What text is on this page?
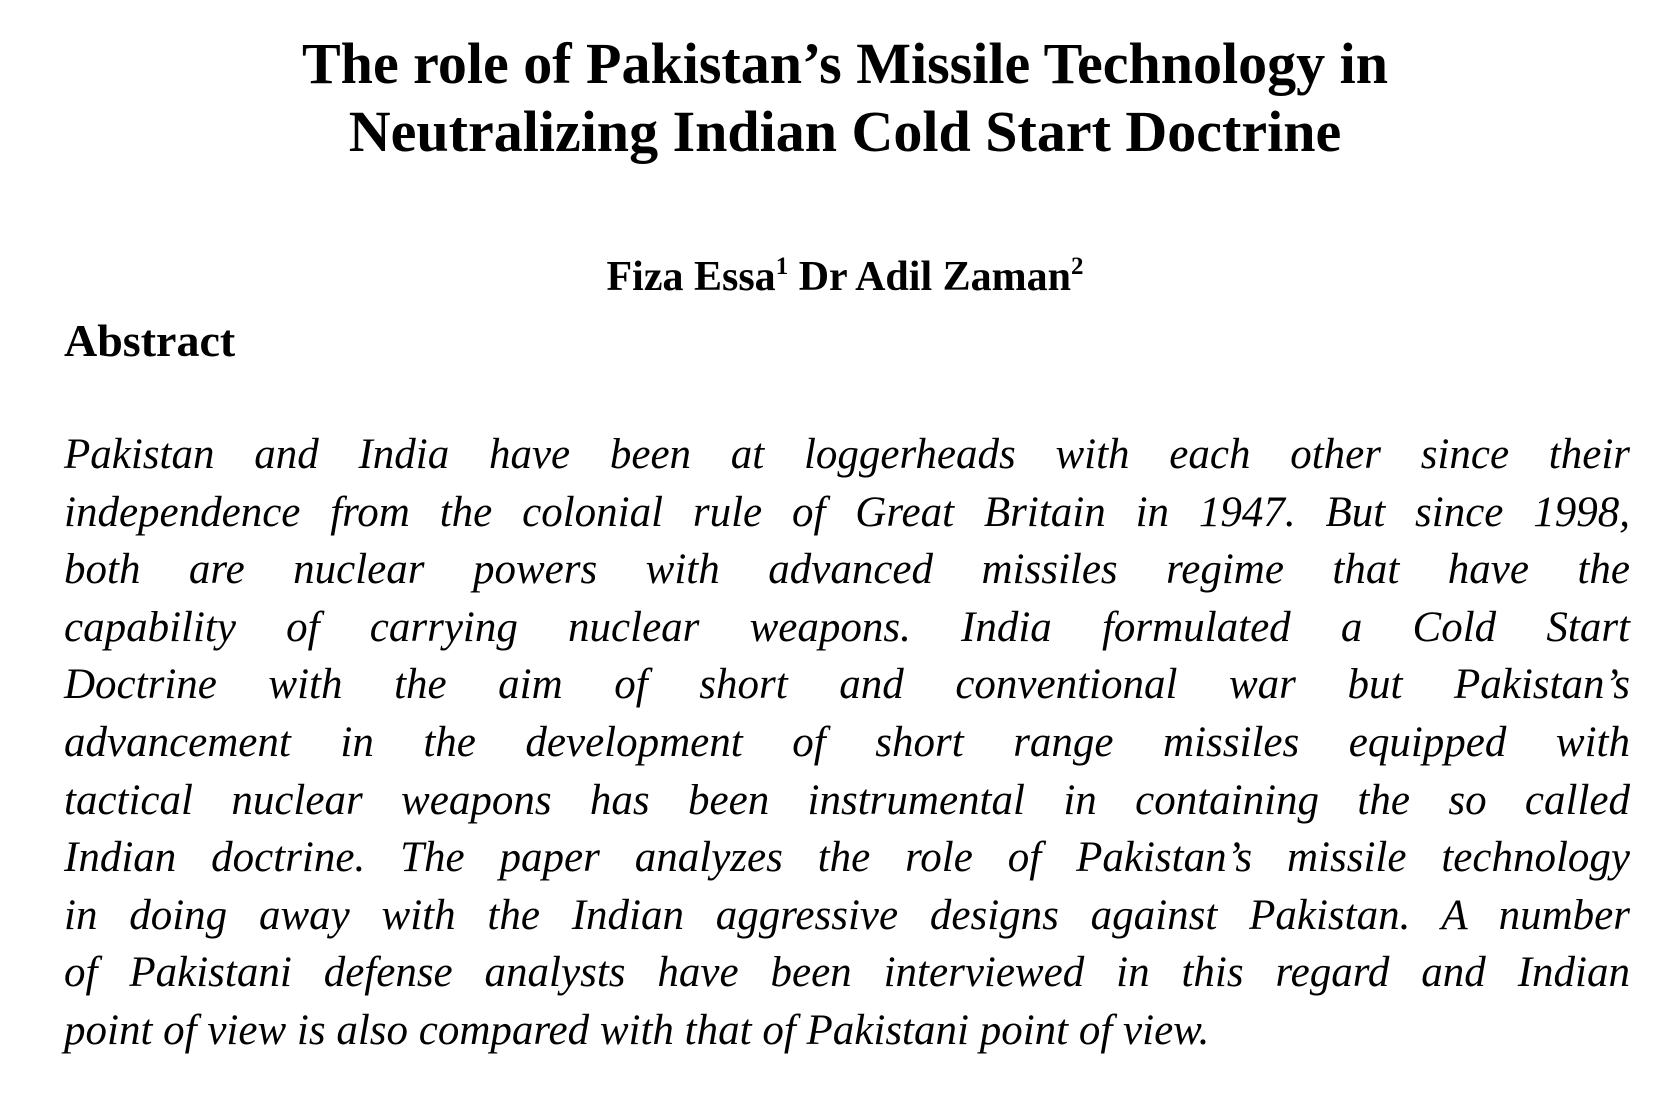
The role of Pakistan’s Missile Technology in
Neutralizing Indian Cold Start Doctrine

Fiza Essa$^1$ Dr Adil Zaman$^2$

Abstract
Pakistan and India have been at loggerheads with each other since their
independence from the colonial rule of Great Britain in 1947. But since 1998,
both are nuclear powers with advanced missiles regime that have the
capability of carrying nuclear weapons. India formulated a Cold Start
Doctrine with the aim of short and conventional war but Pakistan’s
advancement in the development of short range missiles equipped with
tactical nuclear weapons has been instrumental in containing the so called
Indian doctrine. The paper analyzes the role of Pakistan’s missile technology
in doing away with the Indian aggressive designs against Pakistan. A number
of Pakistani defense analysts have been interviewed in this regard and Indian
point of view is also compared with that of Pakistani point of view.
